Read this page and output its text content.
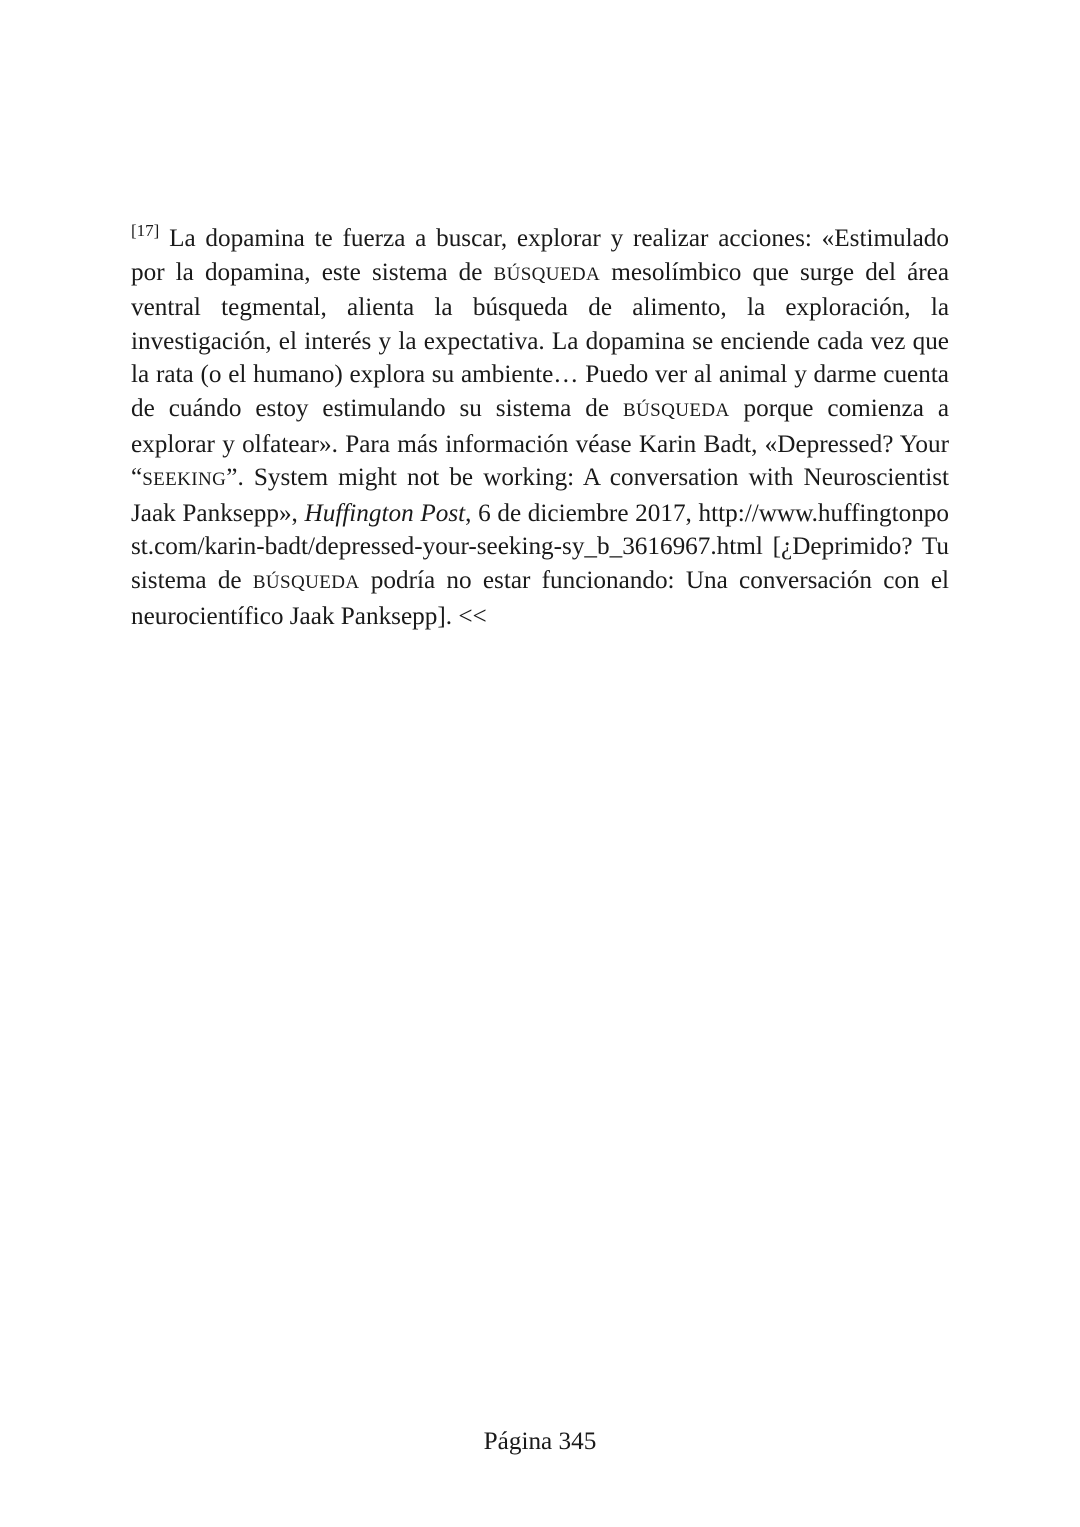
[17] La dopamina te fuerza a buscar, explorar y realizar acciones: «Estimulado por la dopamina, este sistema de BÚSQUEDA mesolímbico que surge del área ventral tegmental, alienta la búsqueda de alimento, la exploración, la investigación, el interés y la expectativa. La dopamina se enciende cada vez que la rata (o el humano) explora su ambiente… Puedo ver al animal y darme cuenta de cuándo estoy estimulando su sistema de BÚSQUEDA porque comienza a explorar y olfatear». Para más información véase Karin Badt, «Depressed? Your “SEEKING”. System might not be working: A conversation with Neuroscientist Jaak Panksepp», Huffington Post, 6 de diciembre 2017, http://www.huffingtonpost.com/karin-badt/depressed-your-seeking-sy_b_3616967.html [¿Deprimido? Tu sistema de BÚSQUEDA podría no estar funcionando: Una conversación con el neurocientífico Jaak Panksepp]. <<

Página 345
